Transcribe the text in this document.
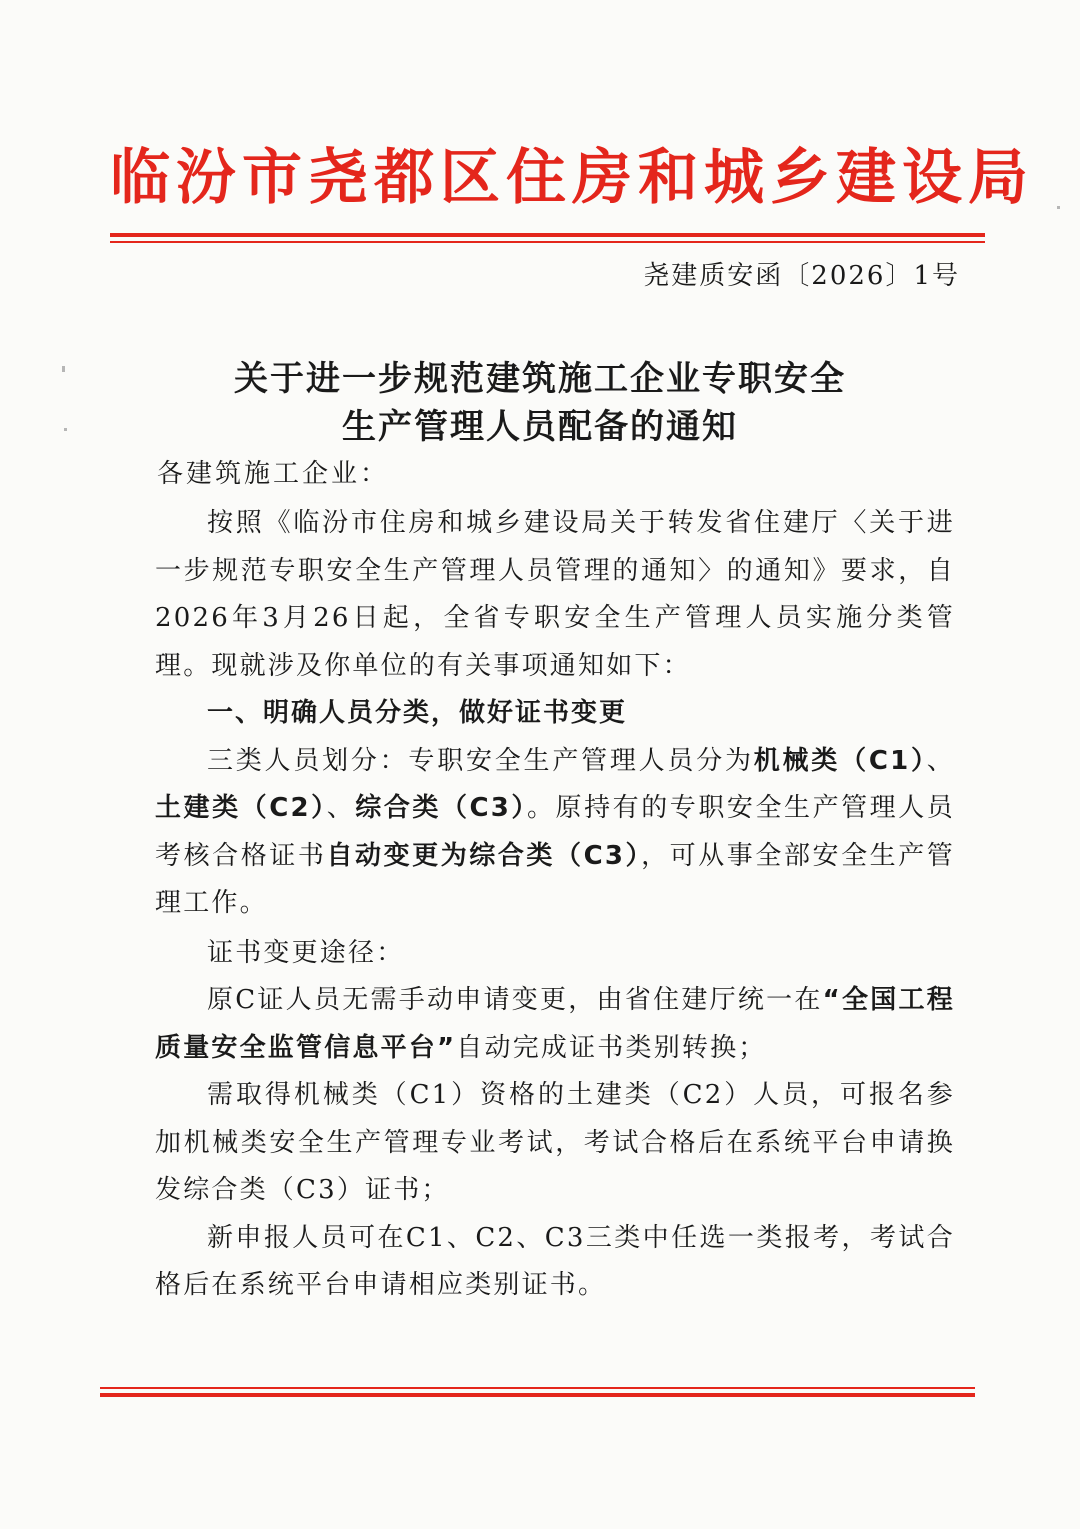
临汾市尧都区住房和城乡建设局
尧建质安函〔2026〕1号
关于进一步规范建筑施工企业专职安全
生产管理人员配备的通知
各建筑施工企业：

按照《临汾市住房和城乡建设局关于转发省住建厅〈关于进一步规范专职安全生产管理人员管理的通知〉的通知》要求，自2026年3月26日起，全省专职安全生产管理人员实施分类管理。现就涉及你单位的有关事项通知如下：

一、明确人员分类，做好证书变更

三类人员划分：专职安全生产管理人员分为机械类（C1）、土建类（C2）、综合类（C3）。原持有的专职安全生产管理人员考核合格证书自动变更为综合类（C3），可从事全部安全生产管理工作。

证书变更途径：

原C证人员无需手动申请变更，由省住建厅统一在“全国工程质量安全监管信息平台”自动完成证书类别转换；

需取得机械类（C1）资格的土建类（C2）人员，可报名参加机械类安全生产管理专业考试，考试合格后在系统平台申请换发综合类（C3）证书；

新申报人员可在C1、C2、C3三类中任选一类报考，考试合格后在系统平台申请相应类别证书。
